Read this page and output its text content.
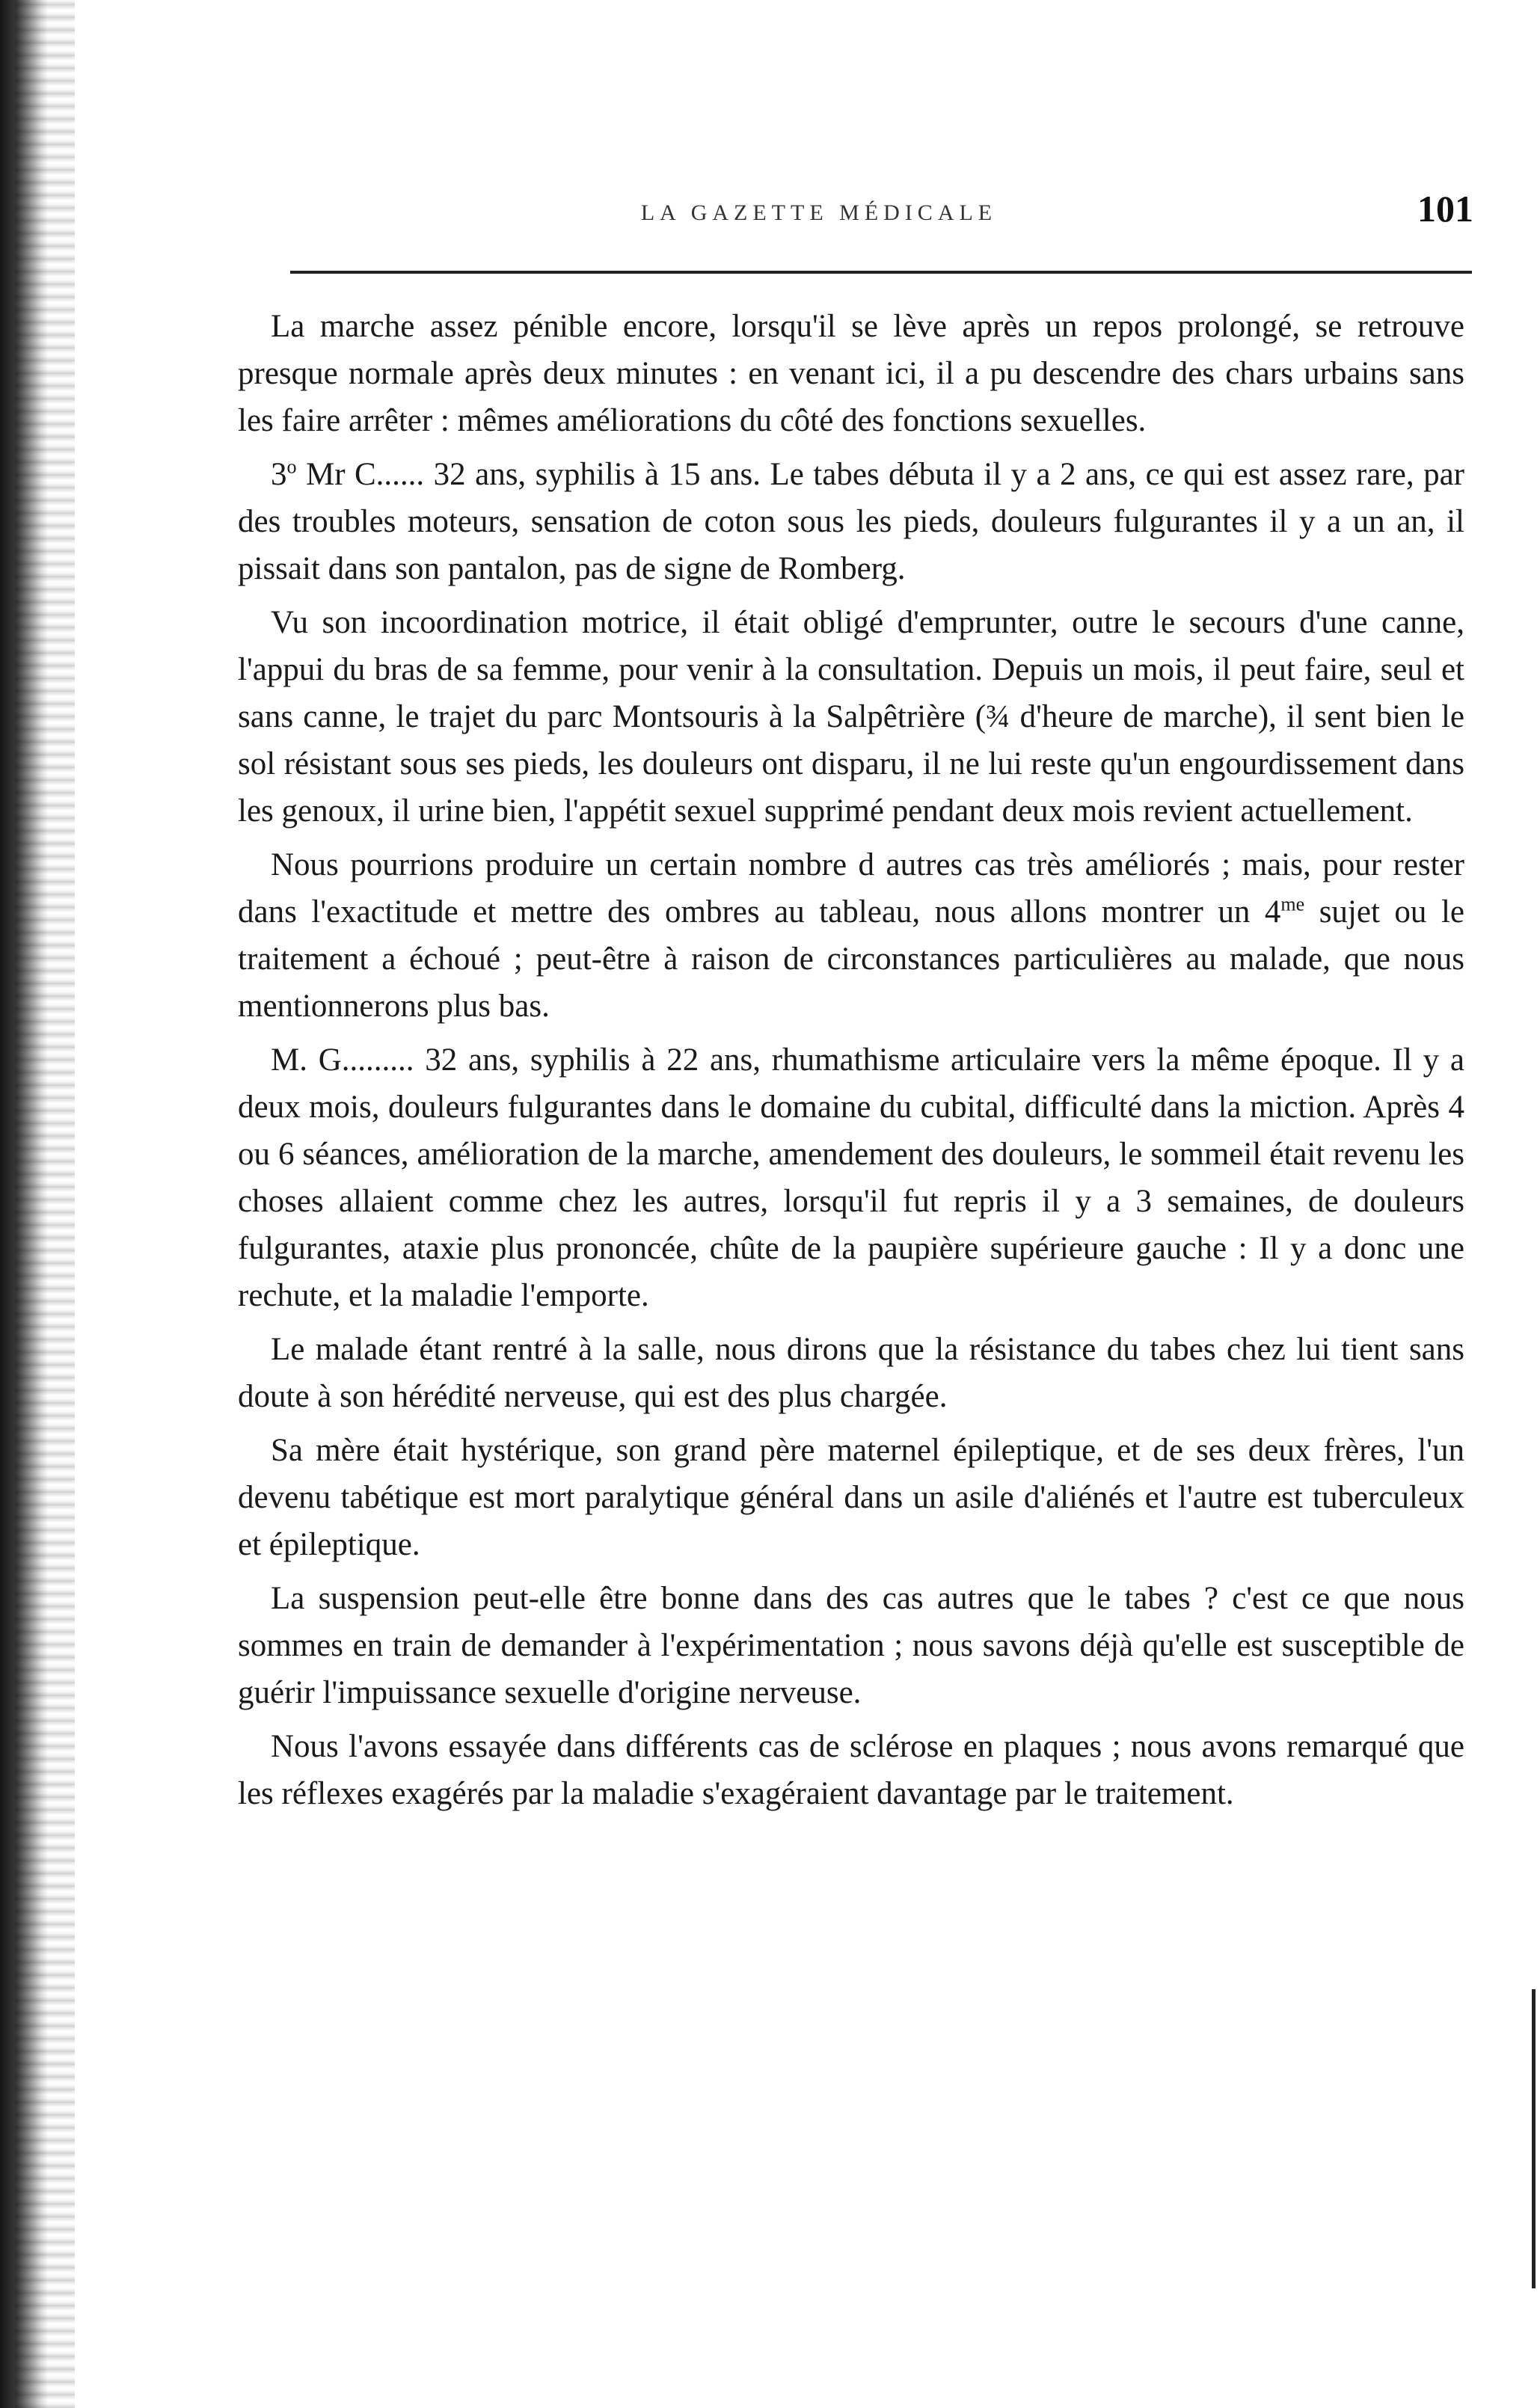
LA GAZETTE MÉDICALE	101

La marche assez pénible encore, lorsqu'il se lève après un repos prolongé, se retrouve presque normale après deux minutes : en venant ici, il a pu descendre des chars urbains sans les faire arrêter : mêmes améliorations du côté des fonctions sexuelles.

3$^o$ Mr C...... 32 ans, syphilis à 15 ans. Le tabes débuta il y a 2 ans, ce qui est assez rare, par des troubles moteurs, sensation de coton sous les pieds, douleurs fulgurantes il y a un an, il pissait dans son pantalon, pas de signe de Romberg.

Vu son incoordination motrice, il était obligé d'emprunter, outre le secours d'une canne, l'appui du bras de sa femme, pour venir à la consultation. Depuis un mois, il peut faire, seul et sans canne, le trajet du parc Montsouris à la Salpêtrière (¾ d'heure de marche), il sent bien le sol résistant sous ses pieds, les douleurs ont disparu, il ne lui reste qu'un engourdissement dans les genoux, il urine bien, l'appétit sexuel supprimé pendant deux mois revient actuellement.

Nous pourrions produire un certain nombre d autres cas très améliorés ; mais, pour rester dans l'exactitude et mettre des ombres au tableau, nous allons montrer un $4^{me}$ sujet ou le traitement a échoué ; peut-être à raison de circonstances particulières au malade, que nous mentionnerons plus bas.

M. G......... 32 ans, syphilis à 22 ans, rhumathisme articulaire vers la même époque. Il y a deux mois, douleurs fulgurantes dans le domaine du cubital, difficulté dans la miction. Après 4 ou 6 séances, amélioration de la marche, amendement des douleurs, le sommeil était revenu les choses allaient comme chez les autres, lorsqu'il fut repris il y a 3 semaines, de douleurs fulgurantes, ataxie plus prononcée, chûte de la paupière supérieure gauche : Il y a donc une rechute, et la maladie l'emporte.

Le malade étant rentré à la salle, nous dirons que la résistance du tabes chez lui tient sans doute à son hérédité nerveuse, qui est des plus chargée.

Sa mère était hystérique, son grand père maternel épileptique, et de ses deux frères, l'un devenu tabétique est mort paralytique général dans un asile d'aliénés et l'autre est tuberculeux et épileptique.

La suspension peut-elle être bonne dans des cas autres que le tabes ? c'est ce que nous sommes en train de demander à l'expérimentation ; nous savons déjà qu'elle est susceptible de guérir l'impuissance sexuelle d'origine nerveuse.

Nous l'avons essayée dans différents cas de sclérose en plaques ; nous avons remarqué que les réflexes exagérés par la maladie s'exagéraient davantage par le traitement.
